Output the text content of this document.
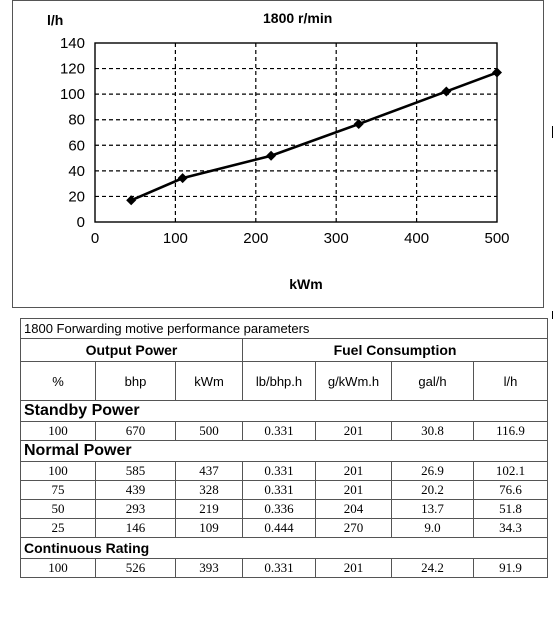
l/h	1800 r/min
kWm
0
20
40
60
80
100
120
140
0	100	200	300	400	500
1800 Forwarding motive performance parameters						
Output Power			Fuel Consumption			
%	bhp	kWm	lb/bhp.h	g/kWm.h	gal/h	l/h
Standby Power						
100	670	500	0.331	201	30.8	116.9
Normal Power						
100	585	437	0.331	201	26.9	102.1
75	439	328	0.331	201	20.2	76.6
50	293	219	0.336	204	13.7	51.8
25	146	109	0.444	270	9.0	34.3
Continuous Rating						
100	526	393	0.331	201	24.2	91.9
